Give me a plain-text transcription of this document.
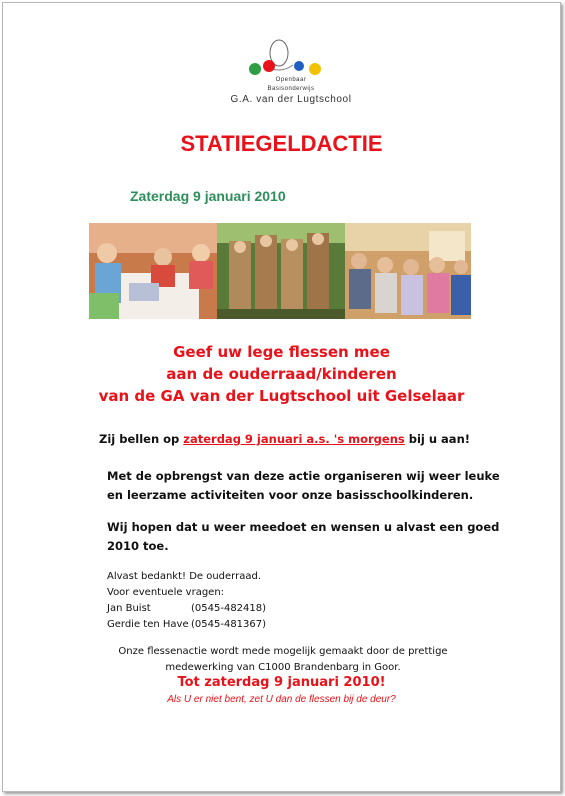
Openbaar
Basisonderwijs
G.A. van der Lugtschool
STATIEGELDACTIE
Zaterdag 9 januari 2010
Geef uw lege flessen mee
aan de ouderraad/kinderen
van de GA van der Lugtschool uit Gelselaar
Zij bellen op zaterdag 9 januari a.s. 's morgens bij u aan!
Met de opbrengst van deze actie organiseren wij weer leuke en leerzame activiteiten voor onze basisschoolkinderen.
Wij hopen dat u weer meedoet en wensen u alvast een goed 2010 toe.
Alvast bedankt! De ouderraad.
Voor eventuele vragen:
Jan Buist	(0545-482418)
Gerdie ten Have (0545-481367)
Onze flessenactie wordt mede mogelijk gemaakt door de prettige medewerking van C1000 Brandenbarg in Goor.
Tot zaterdag 9 januari 2010!
Als U er niet bent, zet U dan de flessen bij de deur?
